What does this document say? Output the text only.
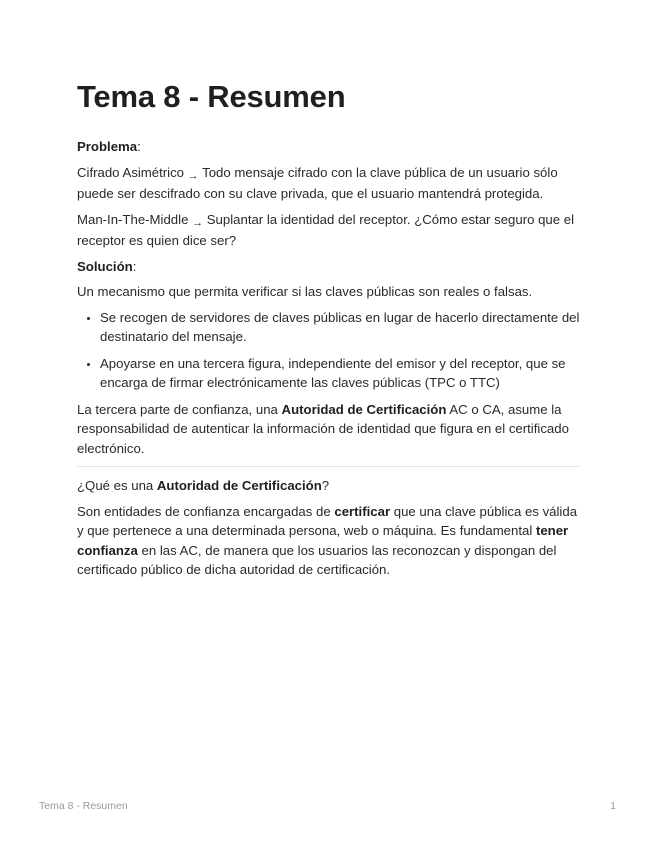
Tema 8 - Resumen

Problema:

Cifrado Asimétrico → Todo mensaje cifrado con la clave pública de un usuario sólo puede ser descifrado con su clave privada, que el usuario mantendrá protegida.

Man-In-The-Middle → Suplantar la identidad del receptor. ¿Cómo estar seguro que el receptor es quien dice ser?

Solución:

Un mecanismo que permita verificar si las claves públicas son reales o falsas.

• Se recogen de servidores de claves públicas en lugar de hacerlo directamente del destinatario del mensaje.
• Apoyarse en una tercera figura, independiente del emisor y del receptor, que se encarga de firmar electrónicamente las claves públicas (TPC o TTC)

La tercera parte de confianza, una Autoridad de Certificación AC o CA, asume la responsabilidad de autenticar la información de identidad que figura en el certificado electrónico.

¿Qué es una Autoridad de Certificación?

Son entidades de confianza encargadas de certificar que una clave pública es válida y que pertenece a una determinada persona, web o máquina. Es fundamental tener confianza en las AC, de manera que los usuarios las reconozcan y dispongan del certificado público de dicha autoridad de certificación.

Tema 8 - Resumen	1
